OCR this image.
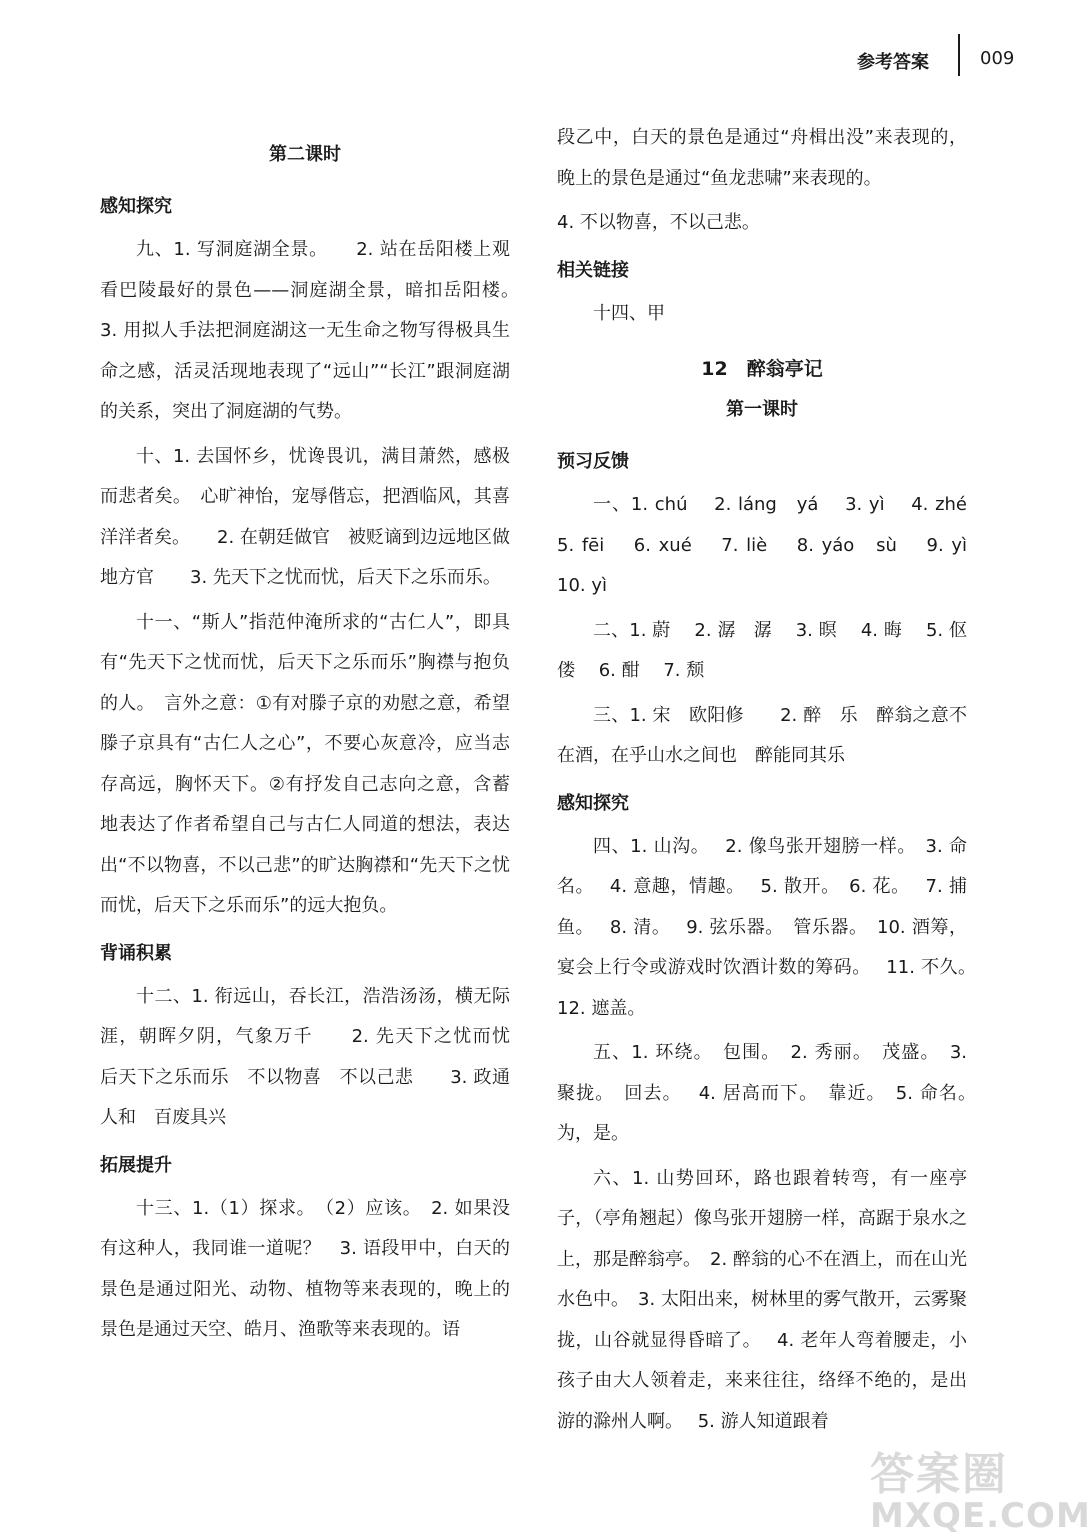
参考答案	009
第二课时
感知探究
九、1. 写洞庭湖全景。　　2. 站在岳阳楼上观看巴陵最好的景色——洞庭湖全景，暗扣岳阳楼。　3. 用拟人手法把洞庭湖这一无生命之物写得极具生命之感，活灵活现地表现了“远山”“长江”跟洞庭湖的关系，突出了洞庭湖的气势。
十、1. 去国怀乡，忧谗畏讥，满目萧然，感极而悲者矣。　心旷神怡，宠辱偕忘，把酒临风，其喜洋洋者矣。　　2. 在朝廷做官　被贬谪到边远地区做地方官　　3. 先天下之忧而忧，后天下之乐而乐。
十一、“斯人”指范仲淹所求的“古仁人”，即具有“先天下之忧而忧，后天下之乐而乐”胸襟与抱负的人。　言外之意：①有对滕子京的劝慰之意，希望滕子京具有“古仁人之心”，不要心灰意冷，应当志存高远，胸怀天下。②有抒发自己志向之意，含蓄地表达了作者希望自己与古仁人同道的想法，表达出“不以物喜，不以己悲”的旷达胸襟和“先天下之忧而忧，后天下之乐而乐”的远大抱负。
背诵积累
十二、1. 衔远山，吞长江，浩浩汤汤，横无际涯，朝晖夕阴，气象万千　　2. 先天下之忧而忧　后天下之乐而乐　不以物喜　不以己悲　　3. 政通人和　百废具兴
拓展提升
十三、1.（1）探求。　（2）应该。　2. 如果没有这种人，我同谁一道呢？　3. 语段甲中，白天的景色是通过阳光、动物、植物等来表现的，晚上的景色是通过天空、皓月、渔歌等来表现的。语
段乙中，白天的景色是通过“舟楫出没”来表现的，晚上的景色是通过“鱼龙悲啸”来表现的。
4. 不以物喜，不以己悲。
相关链接
十四、甲
12　醉翁亭记
第一课时
预习反馈
一、1. chú　 2. láng　yá　 3. yì　 4. zhé　 5. fēi　 6. xué　 7. liè　 8. yáo　sù　 9. yì　 10. yì
二、1. 蔚　 2. 潺　潺　 3. 暝　 4. 晦　 5. 伛　偻　 6. 酣　 7. 颓
三、1. 宋　欧阳修　　2. 醉　乐　醉翁之意不在酒，在乎山水之间也　醉能同其乐
感知探究
四、1. 山沟。　 2. 像鸟张开翅膀一样。　3. 命名。　 4. 意趣，情趣。　 5. 散开。　6. 花。　 7. 捕鱼。　 8. 清。　 9. 弦乐器。　管乐器。　10. 酒筹，宴会上行令或游戏时饮酒计数的筹码。　 11. 不久。　 12. 遮盖。
五、1. 环绕。　包围。　2. 秀丽。　茂盛。　3. 聚拢。　回去。　 4. 居高而下。　靠近。　5. 命名。　为，是。
六、1. 山势回环，路也跟着转弯，有一座亭子，（亭角翘起）像鸟张开翅膀一样，高踞于泉水之上，那是醉翁亭。　2. 醉翁的心不在酒上，而在山光水色中。　3. 太阳出来，树林里的雾气散开，云雾聚拢，山谷就显得昏暗了。　 4. 老年人弯着腰走，小孩子由大人领着走，来来往往，络绎不绝的，是出游的滁州人啊。　 5. 游人知道跟着
答案圈
MXQE.COM
